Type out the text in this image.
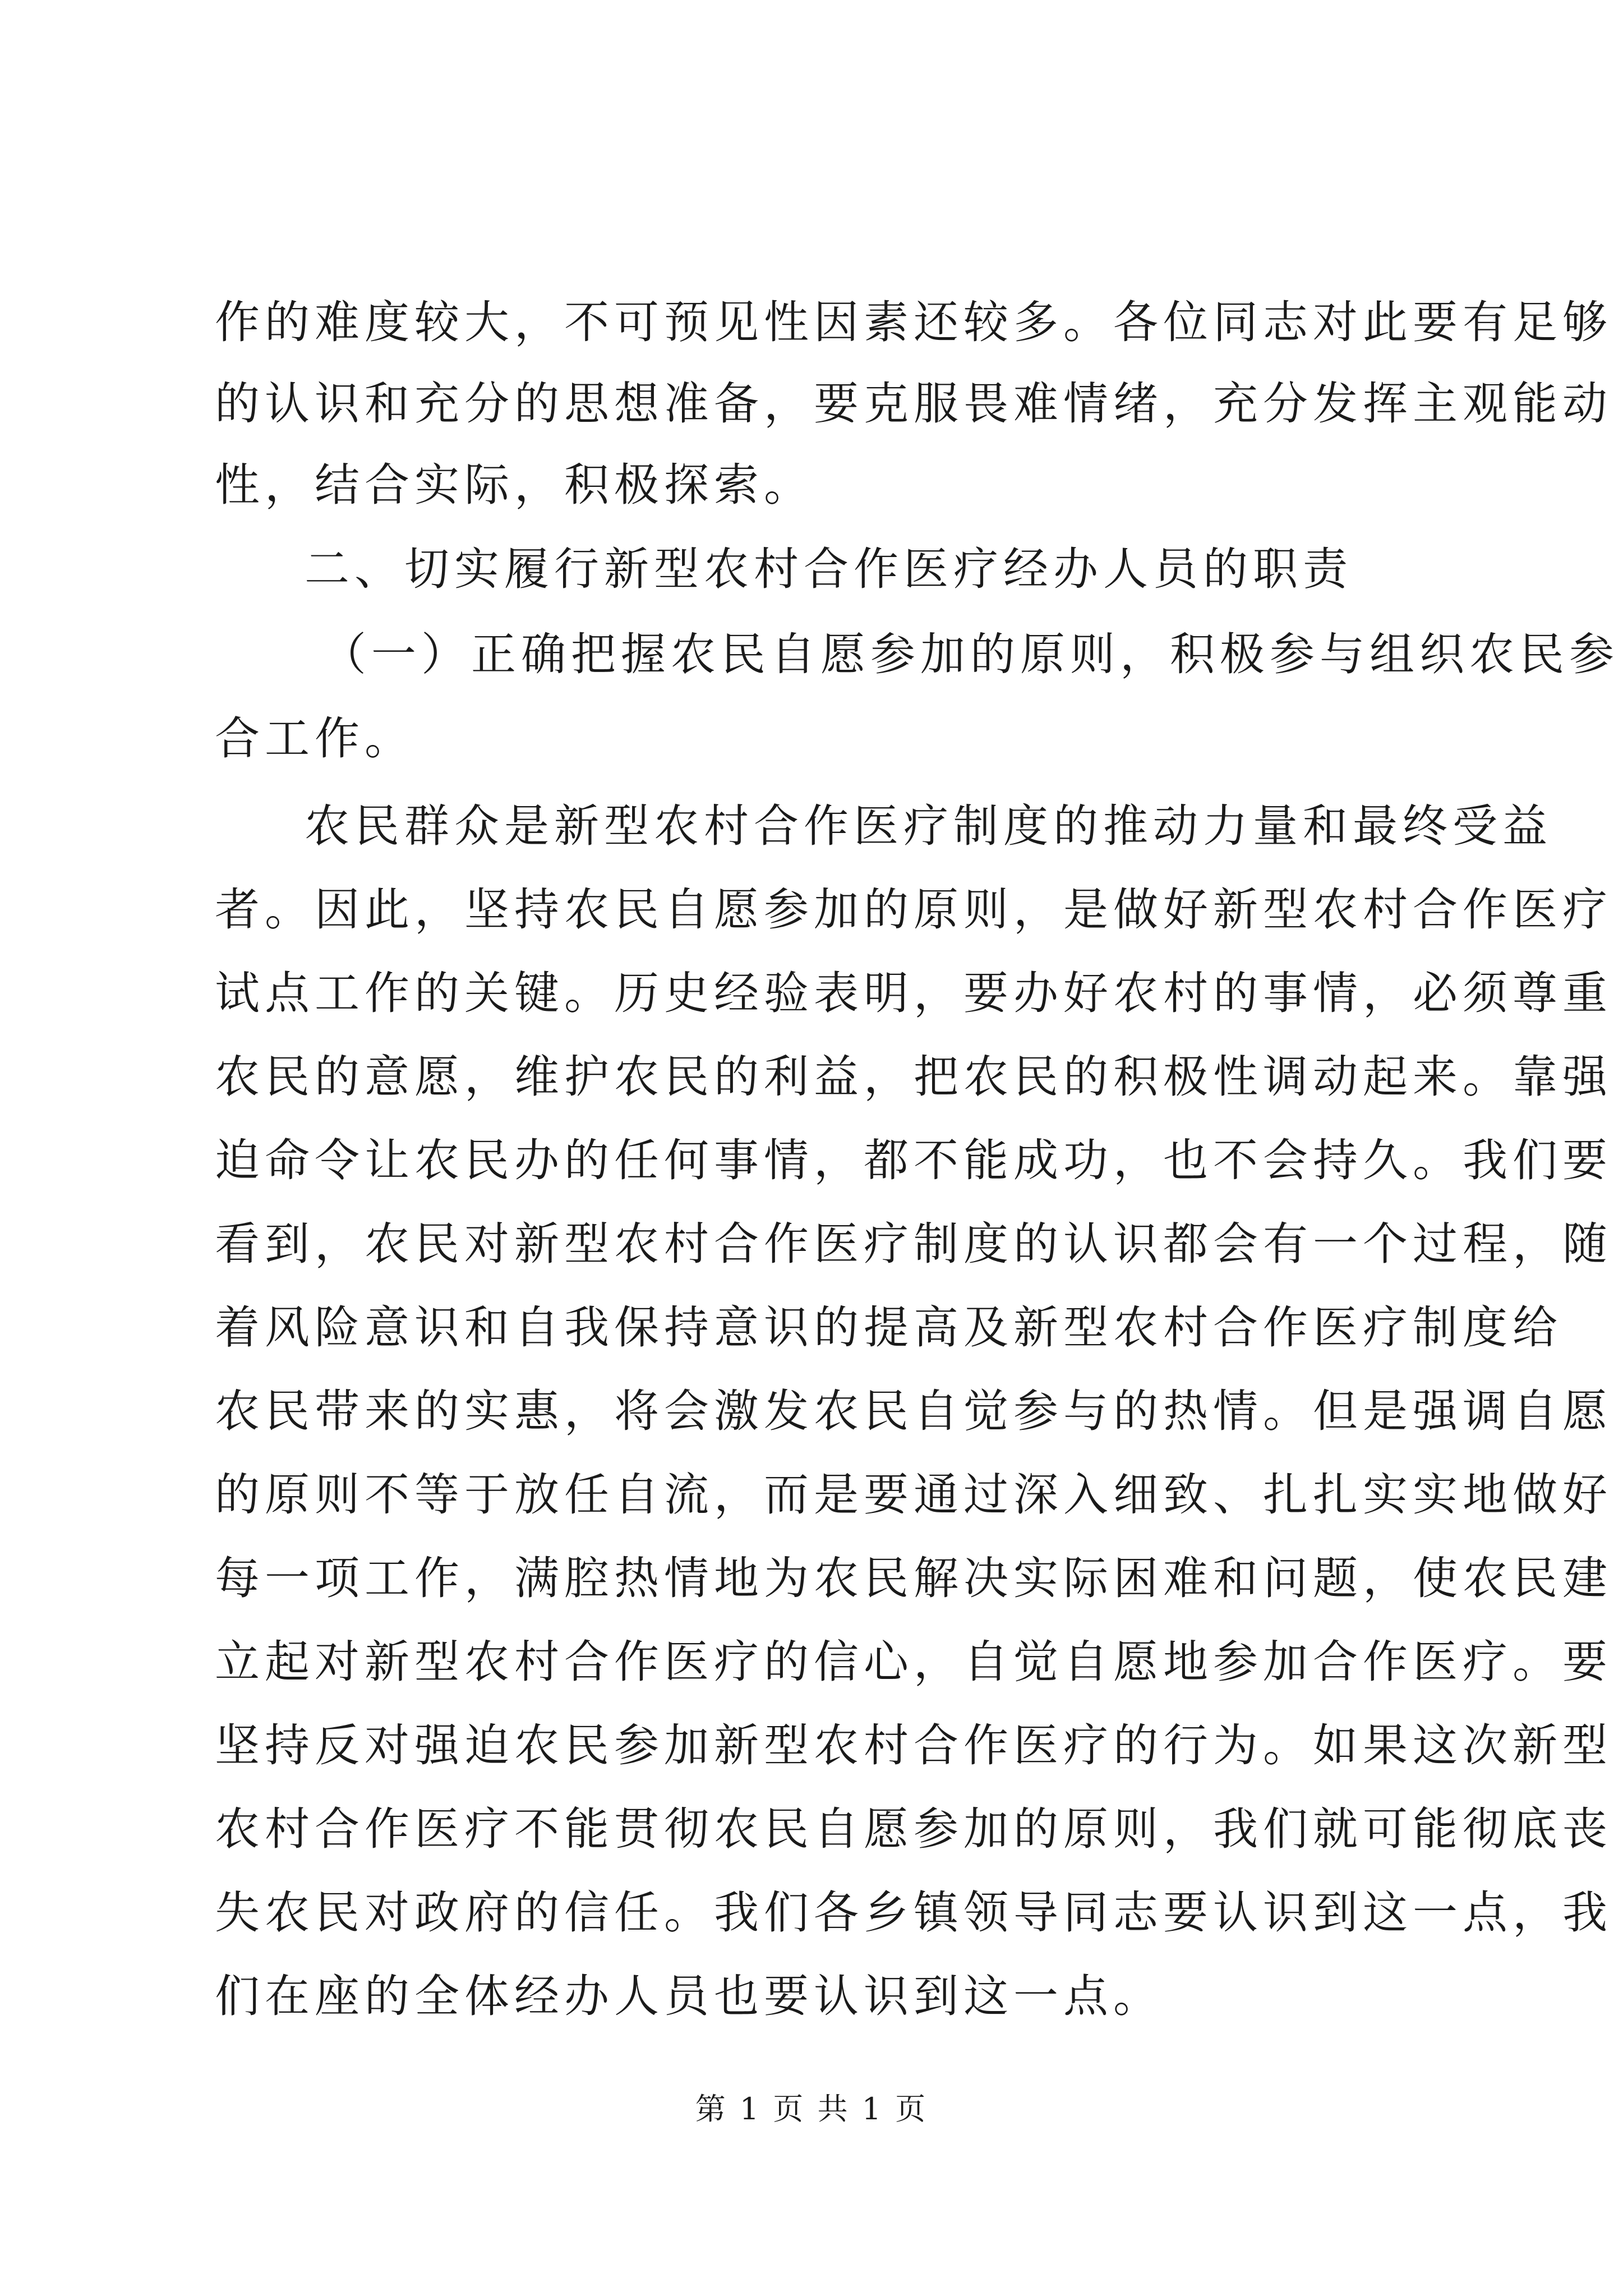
作的难度较大，不可预见性因素还较多。各位同志对此要有足够
的认识和充分的思想准备，要克服畏难情绪，充分发挥主观能动
性，结合实际，积极探索。
二、切实履行新型农村合作医疗经办人员的职责
（一）正确把握农民自愿参加的原则，积极参与组织农民参
合工作。
农民群众是新型农村合作医疗制度的推动力量和最终受益
者。因此，坚持农民自愿参加的原则，是做好新型农村合作医疗
试点工作的关键。历史经验表明，要办好农村的事情，必须尊重
农民的意愿，维护农民的利益，把农民的积极性调动起来。靠强
迫命令让农民办的任何事情，都不能成功，也不会持久。我们要
看到，农民对新型农村合作医疗制度的认识都会有一个过程，随
着风险意识和自我保持意识的提高及新型农村合作医疗制度给
农民带来的实惠，将会激发农民自觉参与的热情。但是强调自愿
的原则不等于放任自流，而是要通过深入细致、扎扎实实地做好
每一项工作，满腔热情地为农民解决实际困难和问题，使农民建
立起对新型农村合作医疗的信心，自觉自愿地参加合作医疗。要
坚持反对强迫农民参加新型农村合作医疗的行为。如果这次新型
农村合作医疗不能贯彻农民自愿参加的原则，我们就可能彻底丧
失农民对政府的信任。我们各乡镇领导同志要认识到这一点，我
们在座的全体经办人员也要认识到这一点。
第 1 页 共 1 页
